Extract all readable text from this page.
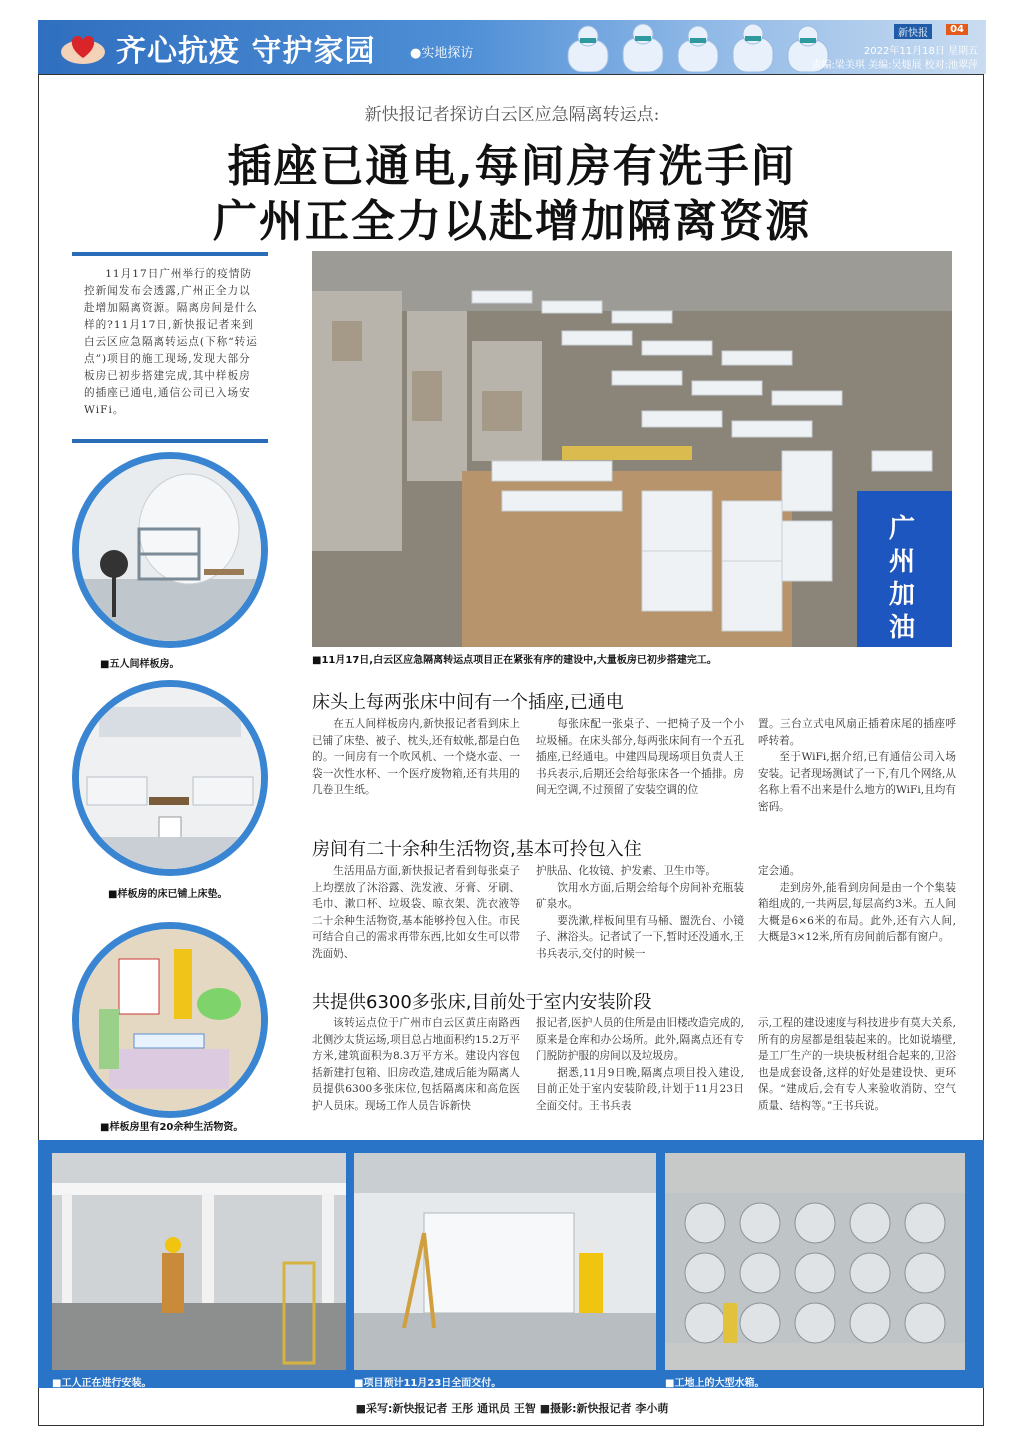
齐心抗疫 守护家园	●实地探访
新快报	04
2022年11月18日 星期五
责编:梁美琪 美编:吴燧展 校对:池翠萍
新快报记者探访白云区应急隔离转运点:
插座已通电,每间房有洗手间
广州正全力以赴增加隔离资源
11月17日广州举行的疫情防控新闻发布会透露,广州正全力以赴增加隔离资源。隔离房间是什么样的?11月17日,新快报记者来到白云区应急隔离转运点(下称“转运点”)项目的施工现场,发现大部分板房已初步搭建完成,其中样板房的插座已通电,通信公司已入场安WiFi。
■五人间样板房。
■样板房的床已铺上床垫。
■样板房里有20余种生活物资。
广州加油
■11月17日,白云区应急隔离转运点项目正在紧张有序的建设中,大量板房已初步搭建完工。
床头上每两张床中间有一个插座,已通电

在五人间样板房内,新快报记者看到床上已铺了床垫、被子、枕头,还有蚊帐,都是白色的。一间房有一个吹风机、一个烧水壶、一袋一次性水杯、一个医疗废物箱,还有共用的几卷卫生纸。

每张床配一张桌子、一把椅子及一个小垃圾桶。在床头部分,每两张床间有一个五孔插座,已经通电。中建四局现场项目负责人王书兵表示,后期还会给每张床各一个插排。房间无空调,不过预留了安装空调的位

置。三台立式电风扇正插着床尾的插座呼呼转着。

至于WiFi,据介绍,已有通信公司入场安装。记者现场测试了一下,有几个网络,从名称上看不出来是什么地方的WiFi,且均有密码。

房间有二十余种生活物资,基本可拎包入住

生活用品方面,新快报记者看到每张桌子上均摆放了沐浴露、洗发液、牙膏、牙刷、毛巾、漱口杯、垃圾袋、晾衣架、洗衣液等二十余种生活物资,基本能够拎包入住。市民可结合自己的需求再带东西,比如女生可以带洗面奶、

护肤品、化妆镜、护发素、卫生巾等。

饮用水方面,后期会给每个房间补充瓶装矿泉水。

要洗漱,样板间里有马桶、盥洗台、小镜子、淋浴头。记者试了一下,暂时还没通水,王书兵表示,交付的时候一

定会通。

走到房外,能看到房间是由一个个集装箱组成的,一共两层,每层高约3米。五人间大概是6×6米的布局。此外,还有六人间,大概是3×12米,所有房间前后都有窗户。

共提供6300多张床,目前处于室内安装阶段

该转运点位于广州市白云区黄庄南路西北侧沙太货运场,项目总占地面积约15.2万平方米,建筑面积为8.3万平方米。建设内容包括新建打包箱、旧房改造,建成后能为隔离人员提供6300多张床位,包括隔离床和高危医护人员床。现场工作人员告诉新快

报记者,医护人员的住所是由旧楼改造完成的,原来是仓库和办公场所。此外,隔离点还有专门脱防护服的房间以及垃圾房。

据悉,11月9日晚,隔离点项目投入建设,目前正处于室内安装阶段,计划于11月23日全面交付。王书兵表

示,工程的建设速度与科技进步有莫大关系,所有的房屋都是组装起来的。比如说墙壁,是工厂生产的一块块板材组合起来的,卫浴也是成套设备,这样的好处是建设快、更环保。“建成后,会有专人来验收消防、空气质量、结构等。”王书兵说。

■工人正在进行安装。	■项目预计11月23日全面交付。	■工地上的大型水箱。
■采写:新快报记者 王彤 通讯员 王智 ■摄影:新快报记者 李小萌
